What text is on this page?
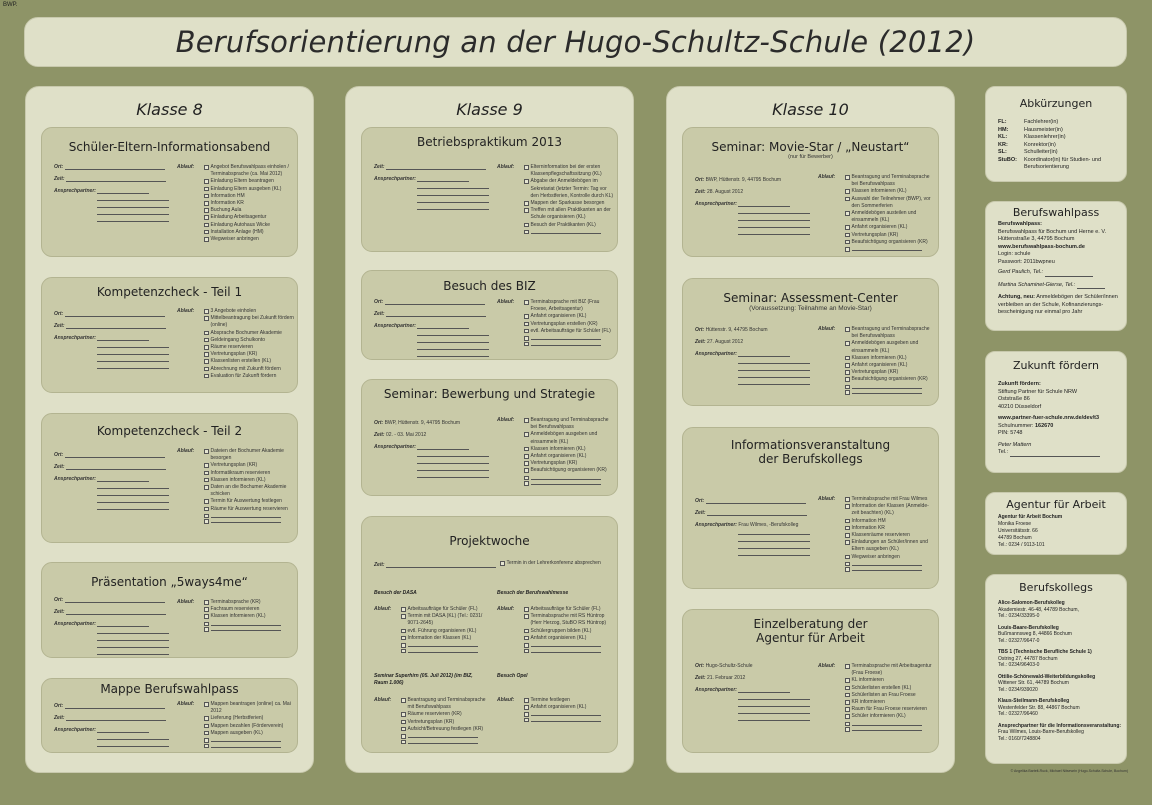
BWP.
Berufsorientierung an der Hugo-Schultz-Schule (2012)
Klasse 8
Schüler-Eltern-Informationsabend
Ort:
Zeit:
Ansprechpartner:
Ablauf:	Angebot Berufswahlpass einholen / Terminabsprache (ca. Mai 2012)
Einladung Eltern beantragen
Einladung Eltern ausgeben (KL)
Information HM
Information KR
Buchung Aula
Einladung Arbeitsagentur
Einladung Autohaus Wicke
Installation Anlage (HM)
Wegweiser anbringen
Kompetenzcheck - Teil 1
Ort:
Zeit:
Ansprechpartner:
Ablauf:	3 Angebote einholen
Mittelbeantragung bei Zukunft fördern (online)
Absprache Bochumer Akademie
Geldeingang Schulkonto
Räume reservieren
Vertretungsplan (KR)
Klassenlisten erstellen (KL)
Abrechnung mit Zukunft fördern
Evaluation für Zukunft fördern
Kompetenzcheck - Teil 2
Ort:
Zeit:
Ansprechpartner:
Ablauf:	Dateien der Bochumer Akademie besorgen
Vertretungsplan (KR)
Informatikraum reservieren
Klassen informieren (KL)
Daten an die Bochumer Akademie schicken
Termin für Auswertung festlegen
Räume für Auswertung reservieren
Präsentation „5ways4me“
Ort:
Zeit:
Ansprechpartner:
Ablauf:	Terminabsprache (KR)
Fachraum reservieren
Klassen informieren (KL)
Mappe Berufswahlpass
Ort:
Zeit:
Ansprechpartner:
Ablauf:	Mappen beantragen (online) ca. Mai 2012
Lieferung (Herbstferien)
Mappen bezahlen (Förderverein)
Mappen ausgeben (KL)
Klasse 9
Betriebspraktikum 2013
Zeit:
Ansprechpartner:
Ablauf:	Elterninformation bei der ersten Klassenpflegschaftssitzung (KL)
Abgabe der Anmeldebögen im Sekretariat (letzter Termin: Tag vor den Herbstferien, Kontrolle durch KL)
Mappen der Sparkasse besorgen
Treffen mit allen Praktikanten an der Schule organisieren (KL)
Besuch der Praktikanten (KL)
Besuch des BIZ
Ort:
Zeit:
Ansprechpartner:
Ablauf:	Terminabsprache mit BIZ (Frau Froese, Arbeitsagentur)
Anfahrt organisieren (KL)
Vertretungsplan erstellen (KR)
evtl. Arbeitsaufträge für Schüler (FL)
Seminar: Bewerbung und Strategie
Ort: BWP, Hüttenstr. 9, 44795 Bochum
Zeit: 02. - 03. Mai 2012
Ansprechpartner:
Ablauf:	Beantragung und Terminabsprache bei Berufswahlpass
Anmeldebögen ausgeben und einsammeln (KL)
Klassen informieren (KL)
Anfahrt organisieren (KL)
Vertretungsplan (KR)
Beaufsichtigung organisieren (KR)
Projektwoche
Zeit:	Termin in der Lehrerkonferenz absprechen
Besuch der DASA
Ablauf:	Arbeitsaufträge für Schüler (FL)
Termin mit DASA (KL) (Tel.: 0231/ 9071-2645)
evtl. Führung organisieren (KL)
Information der Klassen (KL)
Besuch der Berufswahlmesse
Ablauf:	Arbeitsaufträge für Schüler (FL)
Terminabsprache mit RS Hüntrop (Herr Herzog, StuBO RS Hüntrop)
Schülergruppen bilden (KL)
Anfahrt organisieren (KL)
Seminar Superhirn (05. Juli 2012) (im BIZ, Raum 1.006)
Ablauf:	Beantragung und Terminabsprache mit Berufswahlpass
Räume reservieren (KR)
Vertretungsplan (KR)
Aufsicht/Betreuung festlegen (KR)
Besuch Opel
Ablauf:	Termine festlegen
Anfahrt organisieren (KL)
Klasse 10
Seminar: Movie-Star / „Neustart“
(nur für Bewerber)
Ort: BWP, Hüttenstr. 9, 44795 Bochum
Zeit: 28. August 2012
Ansprechpartner:
Ablauf:	Beantragung und Terminabsprache bei Berufswahlpass
Klassen informieren (KL)
Auswahl der Teilnehmer (BWP), vor den Sommerferien
Anmeldebögen austeilen und einsammeln (KL)
Anfahrt organisieren (KL)
Vertretungsplan (KR)
Beaufsichtigung organisieren (KR)
Seminar: Assessment-Center
(Voraussetzung: Teilnahme an Movie-Star)
Ort: Hüttenstr. 9, 44795 Bochum
Zeit: 27. August 2012
Ansprechpartner:
Ablauf:	Beantragung und Terminabsprache bei Berufswahlpass
Anmeldebögen ausgeben und einsammeln (KL)
Klassen informieren (KL)
Anfahrt organisieren (KL)
Vertretungsplan (KR)
Beaufsichtigung organisieren (KR)
Informationsveranstaltung
der Berufskollegs
Ort:
Zeit:
Ansprechpartner: Frau Wilmes, -Berufskolleg
Ablauf:	Terminabsprache mit Frau Wilmes
Information der Klassen (Anmelde- zeit beachten) (KL)
Information HM
Information KR
Klassenräume reservieren
Einladungen an Schüler/innen und Eltern ausgeben (KL)
Wegweiser anbringen
Einzelberatung der
Agentur für Arbeit
Ort: Hugo-Schultz-Schule
Zeit: 21. Februar 2012
Ansprechpartner:
Ablauf:	Terminabsprache mit Arbeitsagentur (Frau Froese)
KL informieren
Schülerlisten erstellen (KL)
Schülerlisten an Frau Froese
KR informieren
Raum für Frau Froese reservieren
Schüler informieren (KL)
Abkürzungen
FL:	Fachlehrer(in)
HM:	Hausmeister(in)
KL:	Klassenlehrer(in)
KR:	Konrektor(in)
SL:	Schulleiter(in)
StuBO:	Koordinator(in) für Studien- und Berufsorientierung
Berufswahlpass
Berufswahlpass:
Berufswahlpass für Bochum und Herne e. V.
Hüttenstraße 3, 44795 Bochum
www.berufswahlpass-bochum.de
Login: schule
Passwort: 2011bwpneu
Gerd Paulich, Tel.:
Martina Schaminet-Gierse, Tel.:
Achtung, neu: Anmeldebögen der Schüler/innen verbleiben an der Schule, Kofinanzierungs- bescheinigung nur einmal pro Jahr
Zukunft fördern
Zukunft fördern:
Stiftung Partner für Schule NRW
Oststraße 86
40210 Düsseldorf
www.partner-fuer-schule.nrw.de/dev/t3
Schulnummer: 162670
PIN: 5748
Peter Mattern
Tel.:
Agentur für Arbeit
Agentur für Arbeit Bochum
Monika Froese
Universitätsstr. 66
44789 Bochum
Tel.: 0234 / 9113-101
Berufskollegs
Alice-Salomon-Berufskolleg
Akademiestr. 46-48, 44789 Bochum,
Tel.: 0234/33395-0
Louis-Baare-Berufskolleg
Bußmannsweg 8, 44866 Bochum
Tel.: 02327/9647-0
TBS 1 (Technische Berufliche Schule 1)
Ostring 27, 44787 Bochum
Tel.: 0234/96403-0
Ottilie-Schönewald-Weiterbildungskolleg
Wittener Str. 61, 44789 Bochum
Tel.: 0234/939020
Klaus-Steilmann-Berufskolleg
Westenfelder Str. 88, 44867 Bochum
Tel.: 02327/96460
Ansprechpartner für die Informationsveranstaltung:
Frau Wilmes, Louis-Barre-Berufskolleg
Tel.: 0160/7248804
© Angelika Bartelt-Ruck, Michael Nitsewrin (Hugo-Schultz-Schule, Bochum)
